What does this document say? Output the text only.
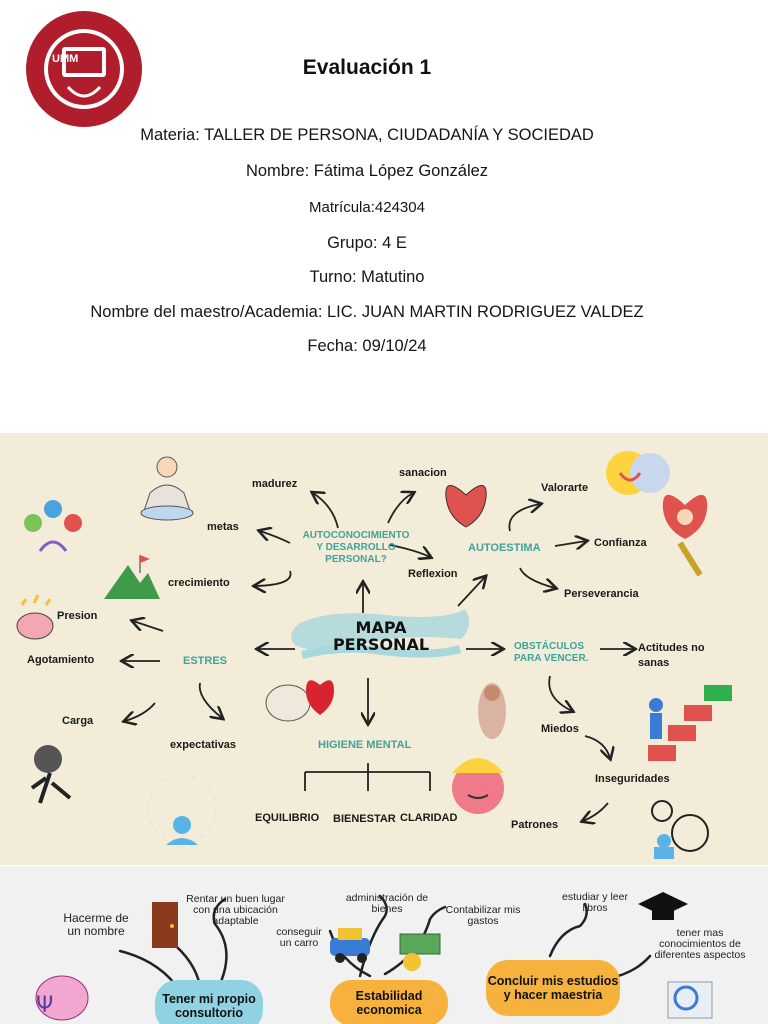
UMM	Evaluación 1
Materia: TALLER DE PERSONA, CIUDADANÍA Y SOCIEDAD
Nombre: Fátima López González
Matrícula:424304
Grupo: 4 E
Turno: Matutino
Nombre del maestro/Academia: LIC. JUAN MARTIN RODRIGUEZ VALDEZ
Fecha: 09/10/24
madurez
metas
crecimiento
sanacion
Reflexion
AUTOCONOCIMIENTO Y DESARROLLO PERSONAL?
AUTOESTIMA
Valorarte
Confianza
Perseverancia
MAPA
PERSONAL
Presion
Agotamiento	ESTRES
Carga
expectativas
OBSTÁCULOS PARA VENCER.
Actitudes no sanas
Miedos
Inseguridades
Patrones
HIGIENE MENTAL
EQUILIBRIO BIENESTAR CLARIDAD
Ψ
Hacerme de un nombre
Rentar un buen lugar con una ubicación adaptable
administración de bienes
conseguir un carro
Contabilizar mis gastos
estudiar y leer libros
tener mas conocimientos de diferentes aspectos
Tener mi propio consultorio
Estabilidad economica
Concluir mis estudios y hacer maestria
